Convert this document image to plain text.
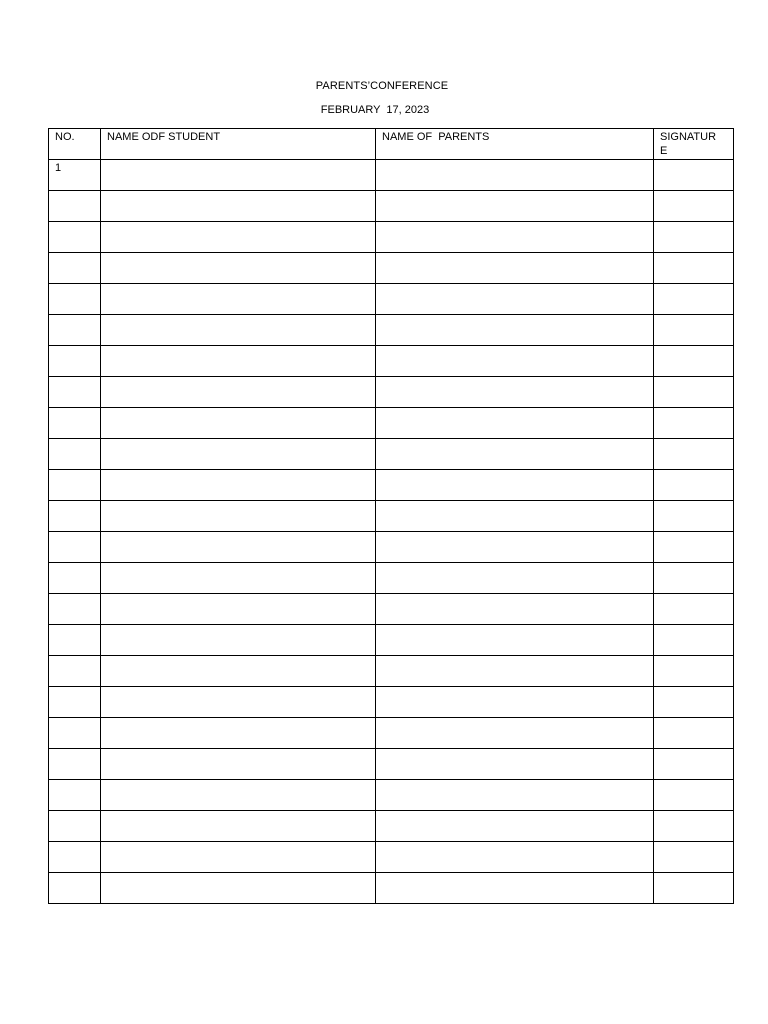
PARENTS’CONFERENCE
FEBRUARY  17, 2023
NO.	NAME ODF STUDENT	NAME OF  PARENTS	SIGNATUR
E
1			
